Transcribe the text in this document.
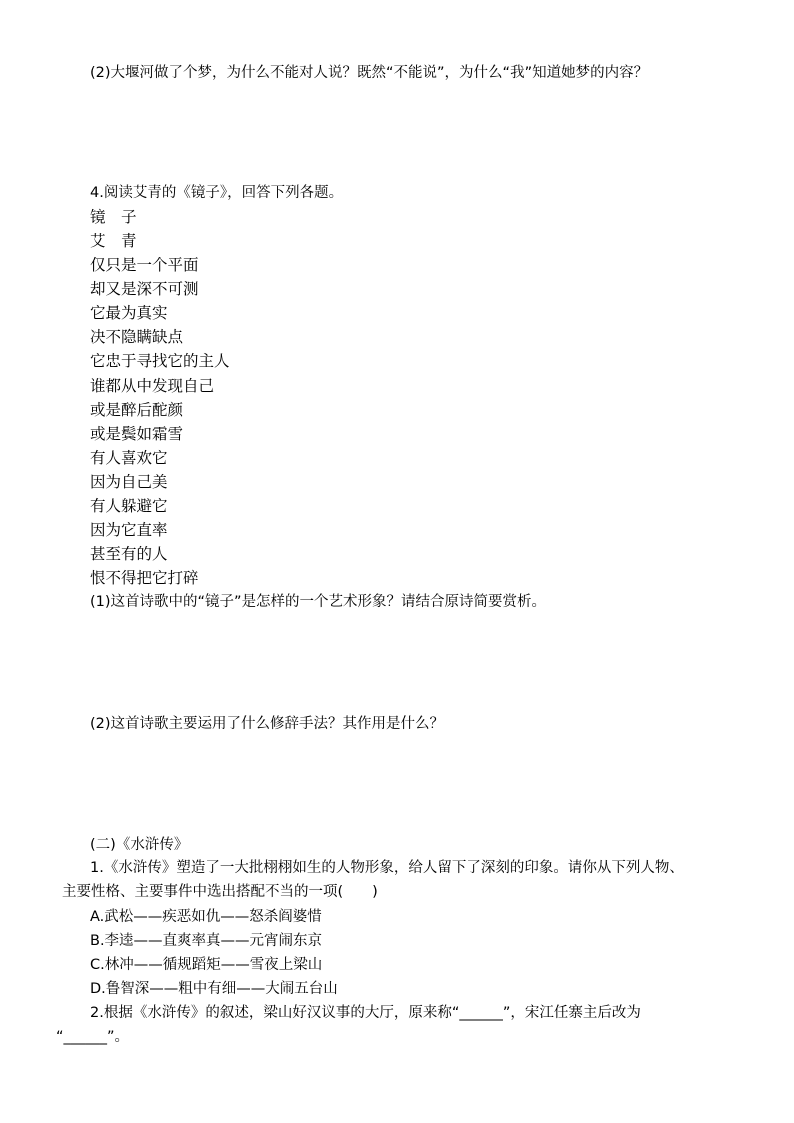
(2)大堰河做了个梦，为什么不能对人说？既然“不能说”，为什么“我”知道她梦的内容？
4.阅读艾青的《镜子》，回答下列各题。
镜　子
艾　青
仅只是一个平面
却又是深不可测
它最为真实
决不隐瞒缺点
它忠于寻找它的主人
谁都从中发现自己
或是醉后酡颜
或是鬓如霜雪
有人喜欢它
因为自己美
有人躲避它
因为它直率
甚至有的人
恨不得把它打碎
(1)这首诗歌中的“镜子”是怎样的一个艺术形象？请结合原诗简要赏析。
(2)这首诗歌主要运用了什么修辞手法？其作用是什么？
(二)《水浒传》
1.《水浒传》塑造了一大批栩栩如生的人物形象，给人留下了深刻的印象。请你从下列人物、
主要性格、主要事件中选出搭配不当的一项(　　)
A.武松——疾恶如仇——怒杀阎婆惜
B.李逵——直爽率真——元宵闹东京
C.林冲——循规蹈矩——雪夜上梁山
D.鲁智深——粗中有细——大闹五台山
2.根据《水浒传》的叙述，梁山好汉议事的大厅，原来称“______”，宋江任寨主后改为
“______”。
